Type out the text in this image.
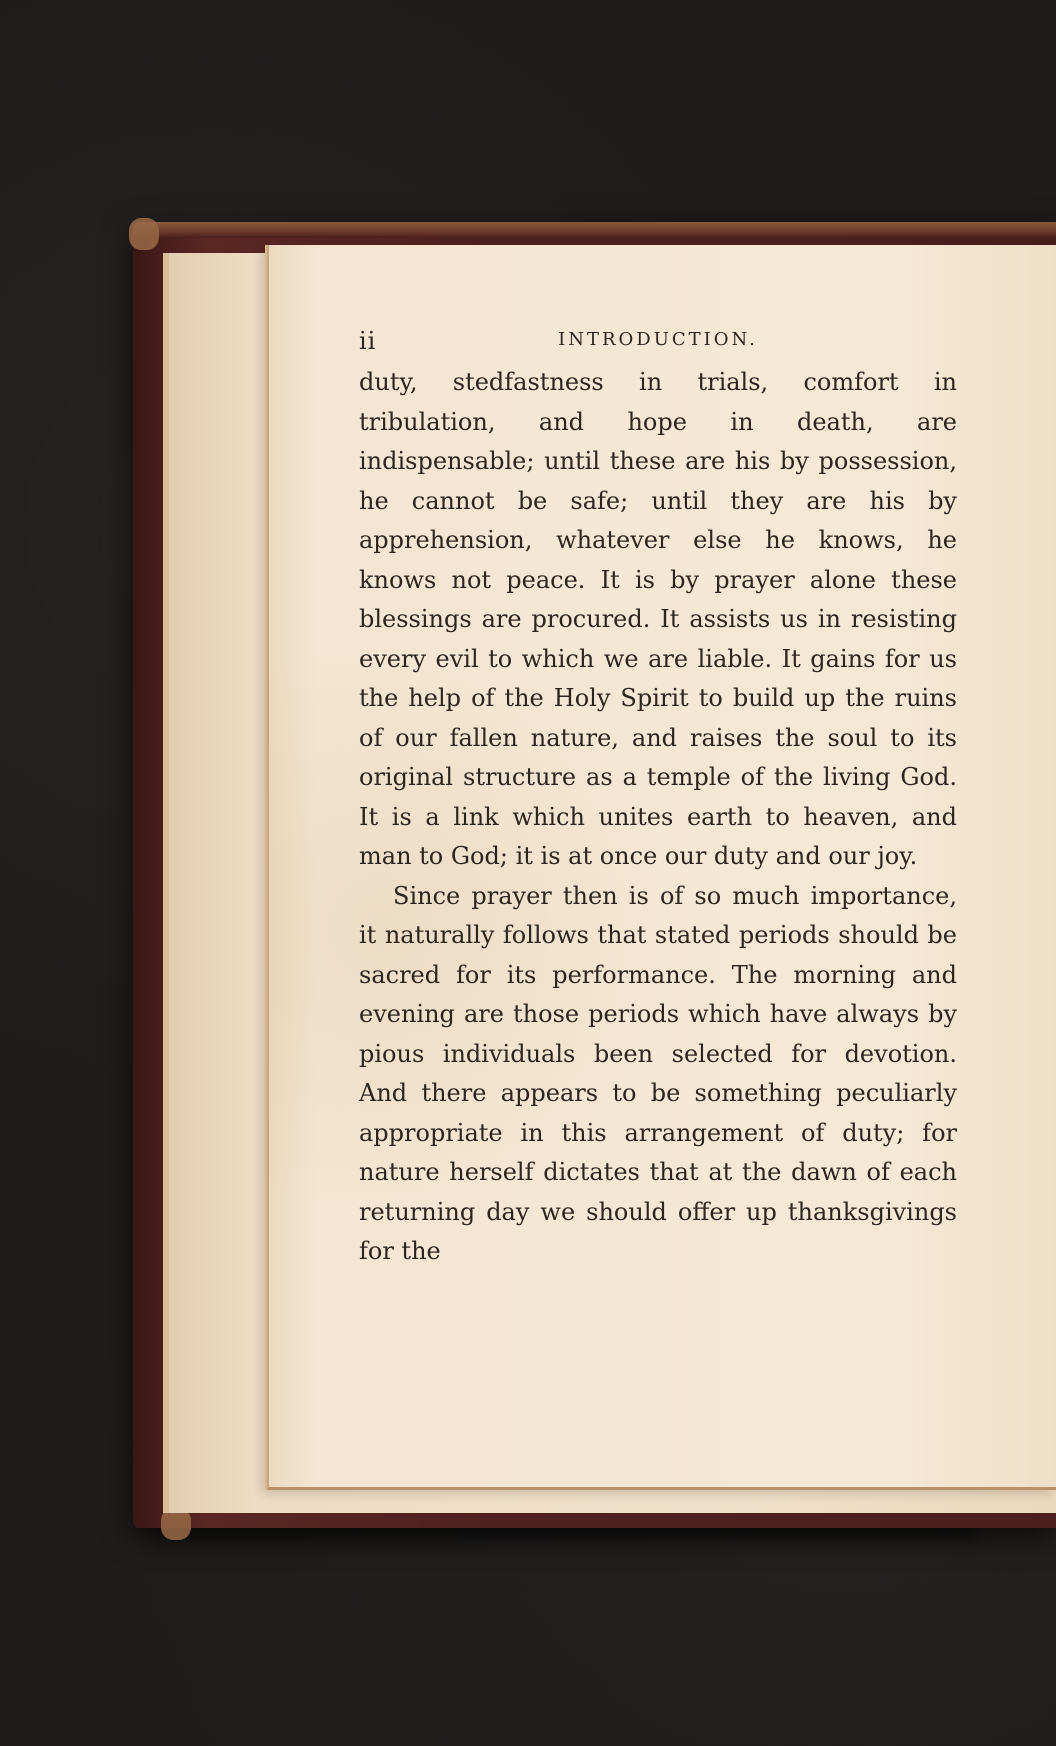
ii	INTRODUCTION.

duty, stedfastness in trials, comfort in tribulation, and hope in death, are indispensable; until these are his by possession, he cannot be safe; until they are his by apprehension, whatever else he knows, he knows not peace. It is by prayer alone these blessings are procured. It assists us in resisting every evil to which we are liable. It gains for us the help of the Holy Spirit to build up the ruins of our fallen nature, and raises the soul to its original structure as a temple of the living God. It is a link which unites earth to heaven, and man to God; it is at once our duty and our joy.

Since prayer then is of so much importance, it naturally follows that stated periods should be sacred for its performance. The morning and evening are those periods which have always by pious individuals been selected for devotion. And there appears to be something peculiarly appropriate in this arrangement of duty; for nature herself dictates that at the dawn of each returning day we should offer up thanksgivings for the
